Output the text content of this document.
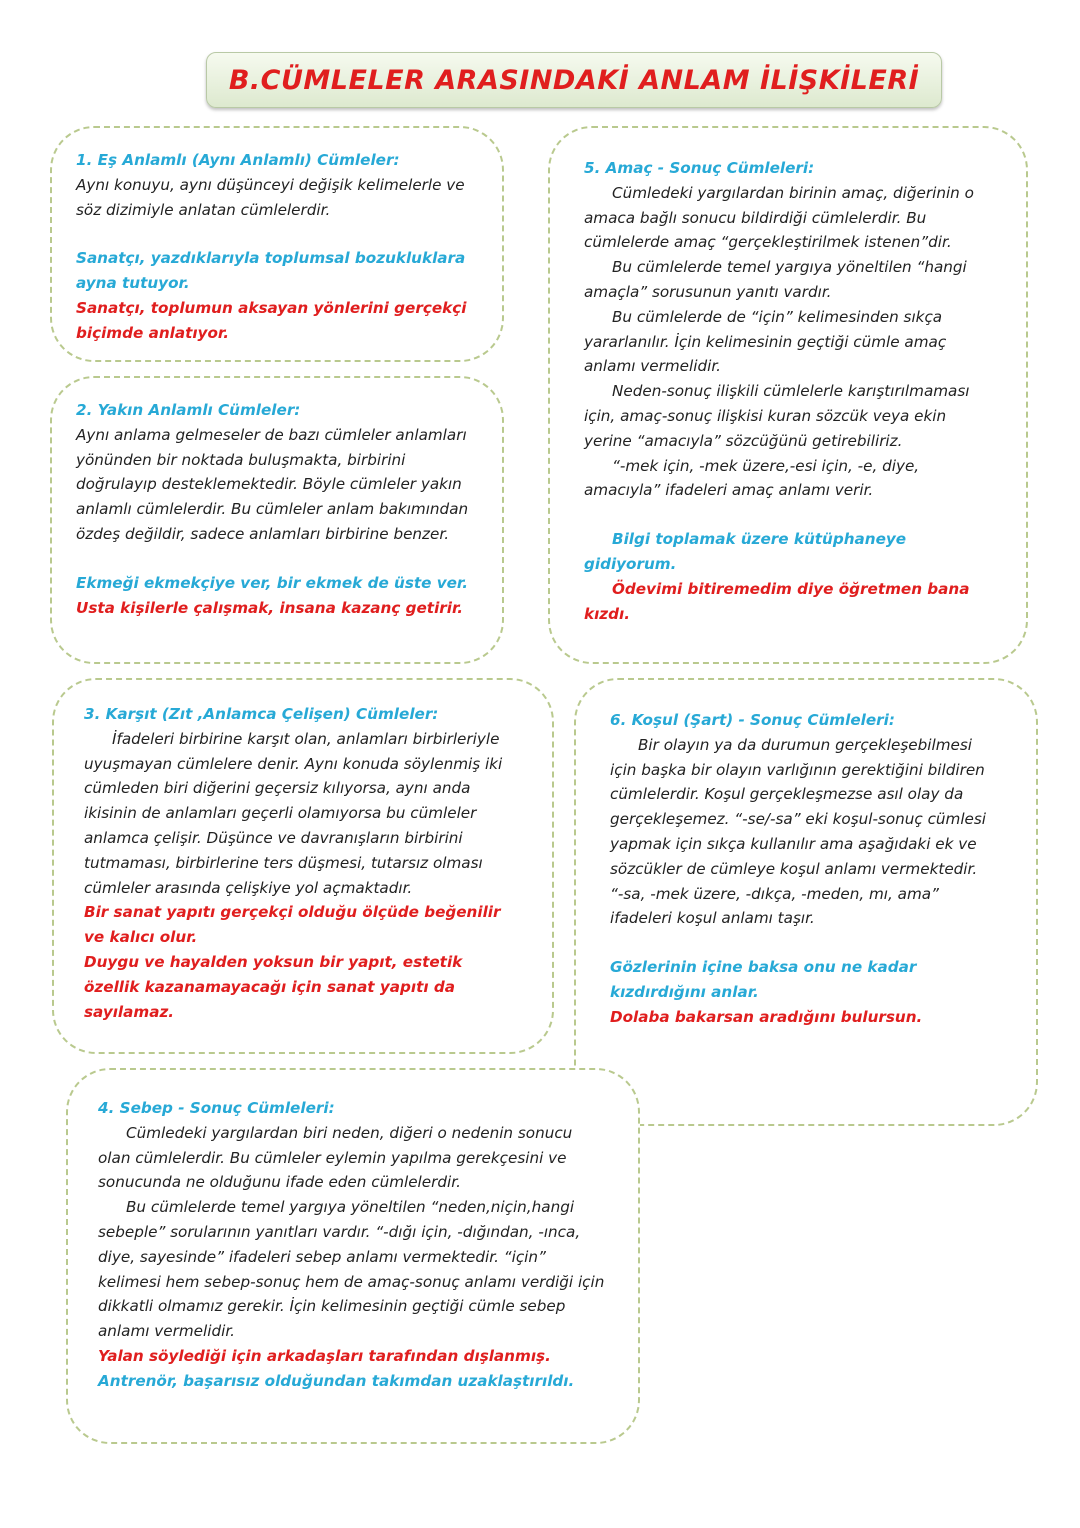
B.CÜMLELER ARASINDAKİ ANLAM İLİŞKİLERİ

1. Eş Anlamlı (Aynı Anlamlı) Cümleler:

Aynı konuyu, aynı düşünceyi değişik kelimelerle ve söz dizimiyle anlatan cümlelerdir.

Sanatçı, yazdıklarıyla toplumsal bozukluklara ayna tutuyor.

Sanatçı, toplumun aksayan yönlerini gerçekçi biçimde anlatıyor.

2. Yakın Anlamlı Cümleler:

Aynı anlama gelmeseler de bazı cümleler anlamları yönünden bir noktada buluşmakta, birbirini doğrulayıp desteklemektedir. Böyle cümleler yakın anlamlı cümlelerdir. Bu cümleler anlam bakımından özdeş değildir, sadece anlamları birbirine benzer.

Ekmeği ekmekçiye ver, bir ekmek de üste ver.

Usta kişilerle çalışmak, insana kazanç getirir.

5. Amaç - Sonuç Cümleleri:

Cümledeki yargılardan birinin amaç, diğerinin o amaca bağlı sonucu bildirdiği cümlelerdir. Bu cümlelerde amaç “gerçekleştirilmek istenen”dir.

Bu cümlelerde temel yargıya yöneltilen “hangi amaçla” sorusunun yanıtı vardır.

Bu cümlelerde de “için” kelimesinden sıkça yararlanılır. İçin kelimesinin geçtiği cümle amaç anlamı vermelidir.

Neden-sonuç ilişkili cümlelerle karıştırılmaması için, amaç-sonuç ilişkisi kuran sözcük veya ekin yerine “amacıyla” sözcüğünü getirebiliriz.

“-mek için, -mek üzere,-esi için, -e, diye, amacıyla” ifadeleri amaç anlamı verir.

Bilgi toplamak üzere kütüphaneye gidiyorum.

Ödevimi bitiremedim diye öğretmen bana kızdı.

3. Karşıt (Zıt ,Anlamca Çelişen) Cümleler:

İfadeleri birbirine karşıt olan, anlamları birbirleriyle uyuşmayan cümlelere denir. Aynı konuda söylenmiş iki cümleden biri diğerini geçersiz kılıyorsa, aynı anda ikisinin de anlamları geçerli olamıyorsa bu cümleler anlamca çelişir. Düşünce ve davranışların birbirini tutmaması, birbirlerine ters düşmesi, tutarsız olması cümleler arasında çelişkiye yol açmaktadır.

Bir sanat yapıtı gerçekçi olduğu ölçüde beğenilir ve kalıcı olur.

Duygu ve hayalden yoksun bir yapıt, estetik özellik kazanamayacağı için sanat yapıtı da sayılamaz.

6. Koşul (Şart) - Sonuç Cümleleri:

Bir olayın ya da durumun gerçekleşebilmesi için başka bir olayın varlığının gerektiğini bildiren cümlelerdir. Koşul gerçekleşmezse asıl olay da gerçekleşemez. “-se/-sa” eki koşul-sonuç cümlesi yapmak için sıkça kullanılır ama aşağıdaki ek ve sözcükler de cümleye koşul anlamı vermektedir.

“-sa, -mek üzere, -dıkça, -meden, mı, ama” ifadeleri koşul anlamı taşır.

Gözlerinin içine baksa onu ne kadar kızdırdığını anlar.

Dolaba bakarsan aradığını bulursun.

4. Sebep - Sonuç Cümleleri:

Cümledeki yargılardan biri neden, diğeri o nedenin sonucu olan cümlelerdir. Bu cümleler eylemin yapılma gerekçesini ve sonucunda ne olduğunu ifade eden cümlelerdir.

Bu cümlelerde temel yargıya yöneltilen “neden,niçin,hangi sebeple” sorularının yanıtları vardır. “-dığı için, -dığından, -ınca, diye, sayesinde” ifadeleri sebep anlamı vermektedir. “için” kelimesi hem sebep-sonuç hem de amaç-sonuç anlamı verdiği için dikkatli olmamız gerekir. İçin kelimesinin geçtiği cümle sebep anlamı vermelidir.

Yalan söylediği için arkadaşları tarafından dışlanmış.

Antrenör, başarısız olduğundan takımdan uzaklaştırıldı.
